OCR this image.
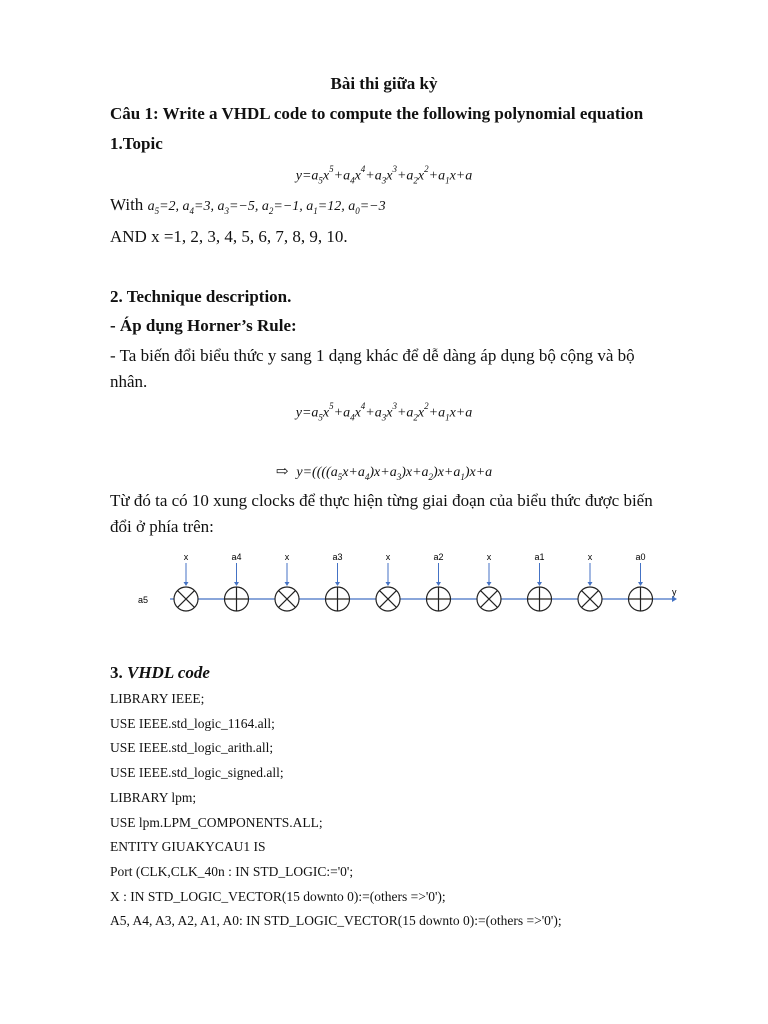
Bài thi giữa kỳ
Câu 1: Write a VHDL code to compute the following polynomial equation
1.Topic
$y=a_5x^5+a_4x^4+a_3x^3+a_2x^2+a_1x+a$
With $a_5=2$, $a_4=3$, $a_3=-5$, $a_2=-1$, $a_1=12$, $a_0=-3$
AND x =1, 2, 3, 4, 5, 6, 7, 8, 9, 10.
2. Technique description.
- Áp dụng Horner’s Rule:
- Ta biến đổi biểu thức y sang 1 dạng khác để dễ dàng áp dụng bộ cộng và bộ
nhân.
$y=a_5x^5+a_4x^4+a_3x^3+a_2x^2+a_1x+a$
⇨ $y=((((a_5x+a_4)x+a_3)x+a_2)x+a_1)x+a$
Từ đó ta có 10 xung clocks để thực hiện từng giai đoạn của biểu thức được biến
đổi ở phía trên:
a5
y
x	a4	x	a3	x	a2	x	a1	x	a0
3. VHDL code
LIBRARY IEEE;
USE IEEE.std_logic_1164.all;
USE IEEE.std_logic_arith.all;
USE IEEE.std_logic_signed.all;
LIBRARY lpm;
USE lpm.LPM_COMPONENTS.ALL;
ENTITY GIUAKYCAU1 IS
Port (CLK,CLK_40n : IN STD_LOGIC:='0';
X : IN STD_LOGIC_VECTOR(15 downto 0):=(others =>'0');
A5, A4, A3, A2, A1, A0: IN STD_LOGIC_VECTOR(15 downto 0):=(others =>'0');
